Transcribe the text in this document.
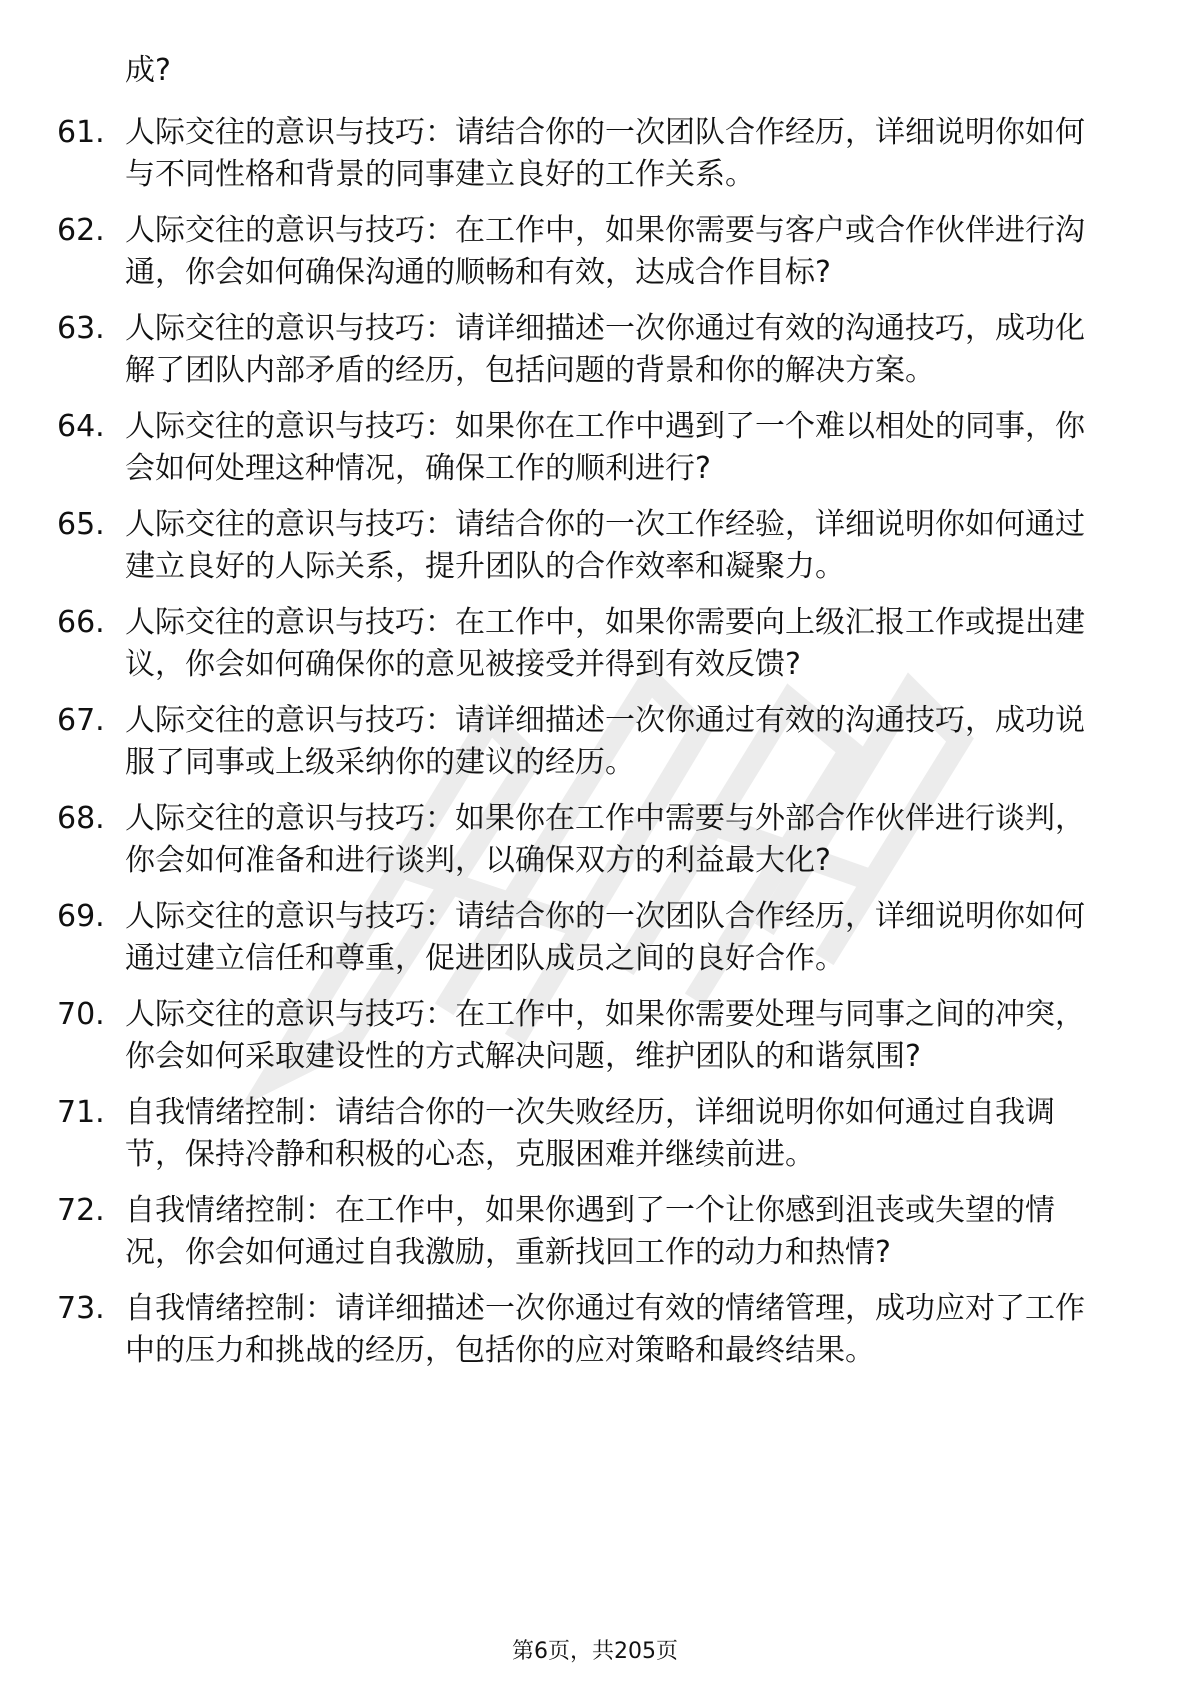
成?

61. 人际交往的意识与技巧：请结合你的一次团队合作经历，详细说明你如何与不同性格和背景的同事建立良好的工作关系。
62. 人际交往的意识与技巧：在工作中，如果你需要与客户或合作伙伴进行沟通，你会如何确保沟通的顺畅和有效，达成合作目标?
63. 人际交往的意识与技巧：请详细描述一次你通过有效的沟通技巧，成功化解了团队内部矛盾的经历，包括问题的背景和你的解决方案。
64. 人际交往的意识与技巧：如果你在工作中遇到了一个难以相处的同事，你会如何处理这种情况，确保工作的顺利进行?
65. 人际交往的意识与技巧：请结合你的一次工作经验，详细说明你如何通过建立良好的人际关系，提升团队的合作效率和凝聚力。
66. 人际交往的意识与技巧：在工作中，如果你需要向上级汇报工作或提出建议，你会如何确保你的意见被接受并得到有效反馈?
67. 人际交往的意识与技巧：请详细描述一次你通过有效的沟通技巧，成功说服了同事或上级采纳你的建议的经历。
68. 人际交往的意识与技巧：如果你在工作中需要与外部合作伙伴进行谈判，你会如何准备和进行谈判，以确保双方的利益最大化?
69. 人际交往的意识与技巧：请结合你的一次团队合作经历，详细说明你如何通过建立信任和尊重，促进团队成员之间的良好合作。
70. 人际交往的意识与技巧：在工作中，如果你需要处理与同事之间的冲突，你会如何采取建设性的方式解决问题，维护团队的和谐氛围?
71. 自我情绪控制：请结合你的一次失败经历，详细说明你如何通过自我调节，保持冷静和积极的心态，克服困难并继续前进。
72. 自我情绪控制：在工作中，如果你遇到了一个让你感到沮丧或失望的情况，你会如何通过自我激励，重新找回工作的动力和热情?
73. 自我情绪控制：请详细描述一次你通过有效的情绪管理，成功应对了工作中的压力和挑战的经历，包括你的应对策略和最终结果。
第6页，共205页
